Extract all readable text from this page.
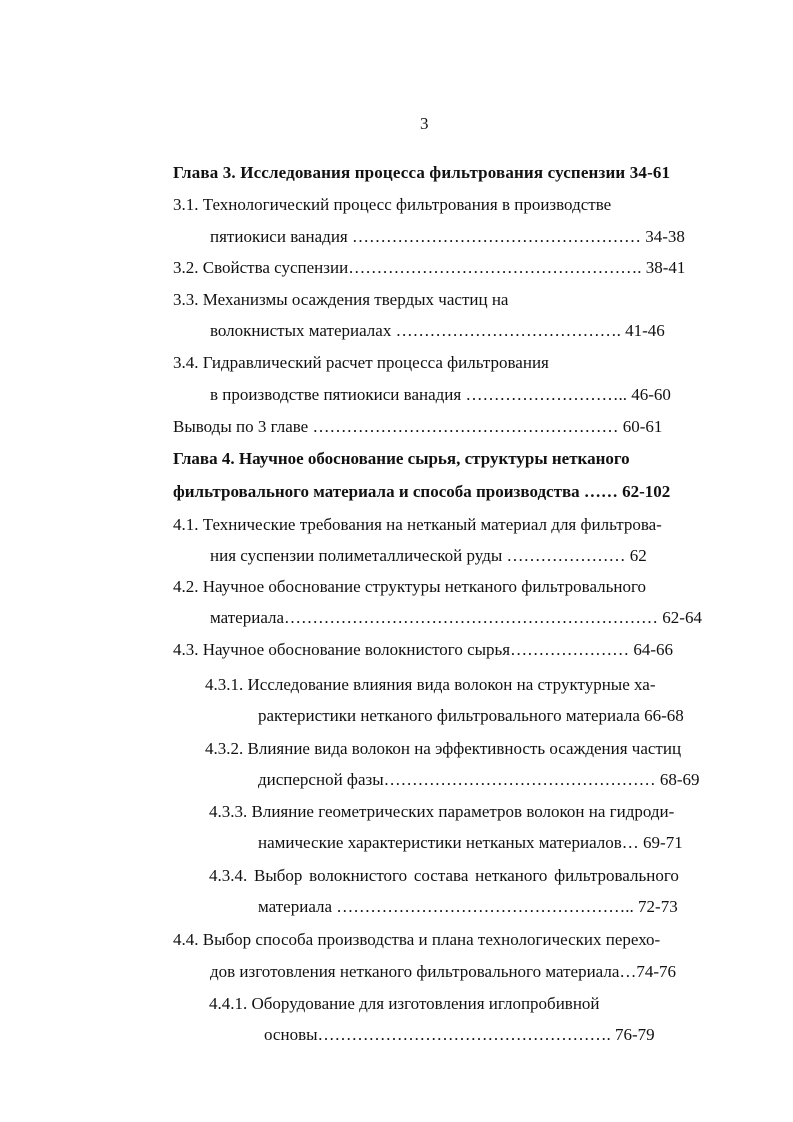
3
Глава 3. Исследования процесса фильтрования суспензии 34-61
3.1. Технологический процесс фильтрования в производстве
пятиокиси ванадия …………………………………………… 34-38
3.2. Свойства суспензии……………………………………………. 38-41
3.3. Механизмы осаждения твердых частиц на
волокнистых материалах …………………………………. 41-46
3.4. Гидравлический расчет процесса фильтрования
в производстве пятиокиси ванадия ……………………….. 46-60
Выводы по 3 главе ……………………………………………… 60-61
Глава 4. Научное обоснование сырья, структуры нетканого
фильтровального материала и способа производства …… 62-102
4.1. Технические требования на нетканый материал для фильтрова-
ния суспензии полиметаллической руды ………………… 62
4.2. Научное обоснование структуры нетканого фильтровального
материала………………………………………………………… 62-64
4.3. Научное обоснование волокнистого сырья………………… 64-66
4.3.1. Исследование влияния вида волокон на структурные ха-
рактеристики нетканого фильтровального материала 66-68
4.3.2. Влияние вида волокон на эффективность осаждения частиц
дисперсной фазы………………………………………… 68-69
4.3.3. Влияние геометрических параметров волокон на гидроди-
намические характеристики нетканых материалов… 69-71
4.3.4. Выбор волокнистого состава нетканого фильтровального
материала …………………………………………….. 72-73
4.4. Выбор способа производства и плана технологических перехо-
дов изготовления нетканого фильтровального материала…74-76
4.4.1. Оборудование для изготовления иглопробивной
основы……………………………………………. 76-79
